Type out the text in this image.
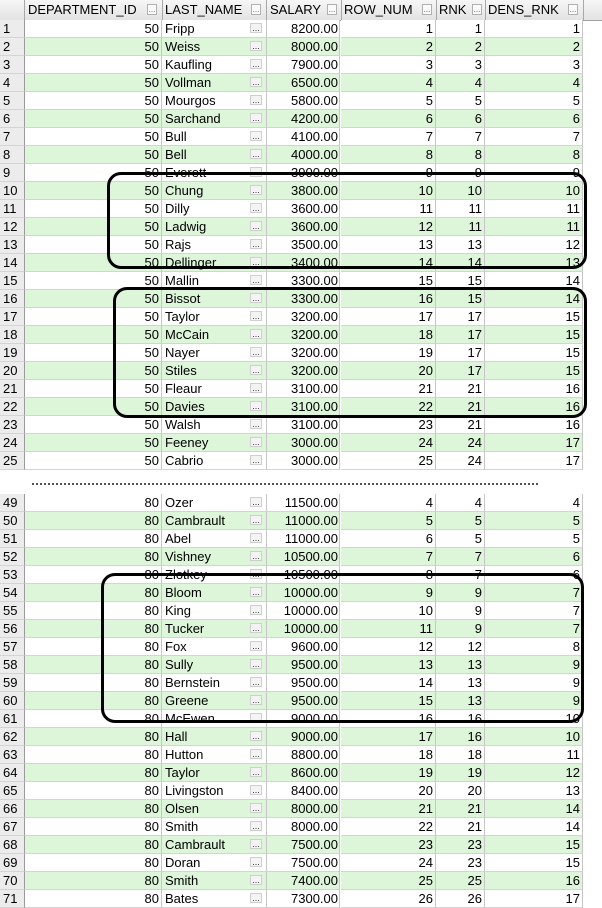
DEPARTMENT_ID	... LAST_NAME	... SALARY ... ROW_NUM	... RNK ... DENS_RNK	...
1	50 Fripp	8200.00	1	1	1
...
2	50 Weiss	8000.00	2	2	2
...
3	50 Kaufling	7900.00	3	3	3
...
4	50 Vollman	6500.00	4	4	4
...
5	50 Mourgos	5800.00	5	5	5
...
6	50 Sarchand	4200.00	6	6	6
...
7	50 Bull	4100.00	7	7	7
...
8	50 Bell	4000.00	8	8	8
...
9	50 Everett	3900.00	9	9	9
...
10	50 Chung	3800.00	10	10	10
...
11	50 Dilly	3600.00	11	11	11
...
12	50 Ladwig	3600.00	12	11	11
...
13	50 Rajs	3500.00	13	13	12
...
14	50 Dellinger	3400.00	14	14	13
...
15	50 Mallin	3300.00	15	15	14
...
16	50 Bissot	3300.00	16	15	14
...
17	50 Taylor	3200.00	17	17	15
...
18	50 McCain	3200.00	18	17	15
...
19	50 Nayer	3200.00	19	17	15
...
20	50 Stiles	3200.00	20	17	15
...
21	50 Fleaur	3100.00	21	21	16
...
22	50 Davies	3100.00	22	21	16
...
23	50 Walsh	3100.00	23	21	16
...
24	50 Feeney	3000.00	24	24	17
...
25	50 Cabrio	3000.00	25	24	17
...
49	80 Ozer	11500.00	4	4	4
...
50	80 Cambrault	11000.00	5	5	5
...
51	80 Abel	11000.00	6	5	5
...
52	80 Vishney	10500.00	7	7	6
...
53	80 Zlotkey	10500.00	8	7	6
...
54	80 Bloom	10000.00	9	9	7
...
55	80 King	10000.00	10	9	7
...
56	80 Tucker	10000.00	11	9	7
...
57	80 Fox	9600.00	12	12	8
...
58	80 Sully	9500.00	13	13	9
...
59	80 Bernstein	9500.00	14	13	9
...
60	80 Greene	9500.00	15	13	9
...
61	80 McEwen	9000.00	16	16	10
...
62	80 Hall	9000.00	17	16	10
...
63	80 Hutton	8800.00	18	18	11
...
64	80 Taylor	8600.00	19	19	12
...
65	80 Livingston	8400.00	20	20	13
...
66	80 Olsen	8000.00	21	21	14
...
67	80 Smith	8000.00	22	21	14
...
68	80 Cambrault	7500.00	23	23	15
...
69	80 Doran	7500.00	24	23	15
...
70	80 Smith	7400.00	25	25	16
...
71	80 Bates	7300.00	26	26	17
...
